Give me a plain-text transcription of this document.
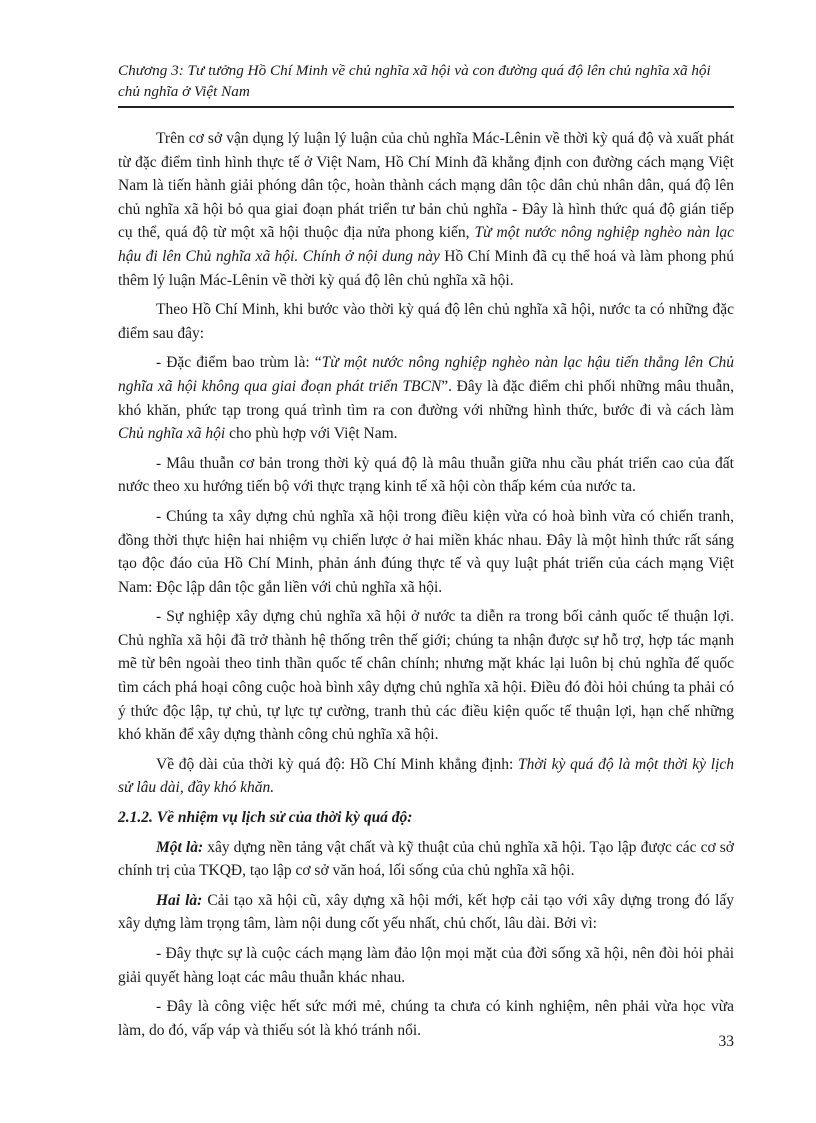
Chương 3: Tư tưởng Hồ Chí Minh về chủ nghĩa xã hội và con đường quá độ lên chủ nghĩa xã hội chủ nghĩa ở Việt Nam

Trên cơ sở vận dụng lý luận lý luận của chủ nghĩa Mác-Lênin về thời kỳ quá độ và xuất phát từ đặc điểm tình hình thực tế ở Việt Nam, Hồ Chí Minh đã khẳng định con đường cách mạng Việt Nam là tiến hành giải phóng dân tộc, hoàn thành cách mạng dân tộc dân chủ nhân dân, quá độ lên chủ nghĩa xã hội bỏ qua giai đoạn phát triển tư bản chủ nghĩa - Đây là hình thức quá độ gián tiếp cụ thể, quá độ từ một xã hội thuộc địa nửa phong kiến, Từ một nước nông nghiệp nghèo nàn lạc hậu đi lên Chủ nghĩa xã hội. Chính ở nội dung này Hồ Chí Minh đã cụ thể hoá và làm phong phú thêm lý luận Mác-Lênin về thời kỳ quá độ lên chủ nghĩa xã hội.

Theo Hồ Chí Minh, khi bước vào thời kỳ quá độ lên chủ nghĩa xã hội, nước ta có những đặc điểm sau đây:

- Đặc điểm bao trùm là: “Từ một nước nông nghiệp nghèo nàn lạc hậu tiến thẳng lên Chủ nghĩa xã hội không qua giai đoạn phát triển TBCN”. Đây là đặc điểm chi phối những mâu thuẫn, khó khăn, phức tạp trong quá trình tìm ra con đường với những hình thức, bước đi và cách làm Chủ nghĩa xã hội cho phù hợp với Việt Nam.

- Mâu thuẫn cơ bản trong thời kỳ quá độ là mâu thuẫn giữa nhu cầu phát triển cao của đất nước theo xu hướng tiến bộ với thực trạng kinh tế xã hội còn thấp kém của nước ta.

- Chúng ta xây dựng chủ nghĩa xã hội trong điều kiện vừa có hoà bình vừa có chiến tranh, đồng thời thực hiện hai nhiệm vụ chiến lược ở hai miền khác nhau. Đây là một hình thức rất sáng tạo độc đáo của Hồ Chí Minh, phản ánh đúng thực tế và quy luật phát triển của cách mạng Việt Nam: Độc lập dân tộc gắn liền với chủ nghĩa xã hội.

- Sự nghiệp xây dựng chủ nghĩa xã hội ở nước ta diễn ra trong bối cảnh quốc tế thuận lợi. Chủ nghĩa xã hội đã trở thành hệ thống trên thế giới; chúng ta nhận được sự hỗ trợ, hợp tác mạnh mẽ từ bên ngoài theo tinh thần quốc tế chân chính; nhưng mặt khác lại luôn bị chủ nghĩa đế quốc tìm cách phá hoại công cuộc hoà bình xây dựng chủ nghĩa xã hội. Điều đó đòi hỏi chúng ta phải có ý thức độc lập, tự chủ, tự lực tự cường, tranh thủ các điều kiện quốc tế thuận lợi, hạn chế những khó khăn để xây dựng thành công chủ nghĩa xã hội.

Về độ dài của thời kỳ quá độ: Hồ Chí Minh khẳng định: Thời kỳ quá độ là một thời kỳ lịch sử lâu dài, đầy khó khăn.

2.1.2. Về nhiệm vụ lịch sử của thời kỳ quá độ:

Một là: xây dựng nền tảng vật chất và kỹ thuật của chủ nghĩa xã hội. Tạo lập được các cơ sở chính trị của TKQĐ, tạo lập cơ sở văn hoá, lối sống của chủ nghĩa xã hội.

Hai là: Cải tạo xã hội cũ, xây dựng xã hội mới, kết hợp cải tạo với xây dựng trong đó lấy xây dựng làm trọng tâm, làm nội dung cốt yếu nhất, chủ chốt, lâu dài. Bởi vì:

- Đây thực sự là cuộc cách mạng làm đảo lộn mọi mặt của đời sống xã hội, nên đòi hỏi phải giải quyết hàng loạt các mâu thuẫn khác nhau.

- Đây là công việc hết sức mới mẻ, chúng ta chưa có kinh nghiệm, nên phải vừa học vừa làm, do đó, vấp váp và thiếu sót là khó tránh nổi.

33
